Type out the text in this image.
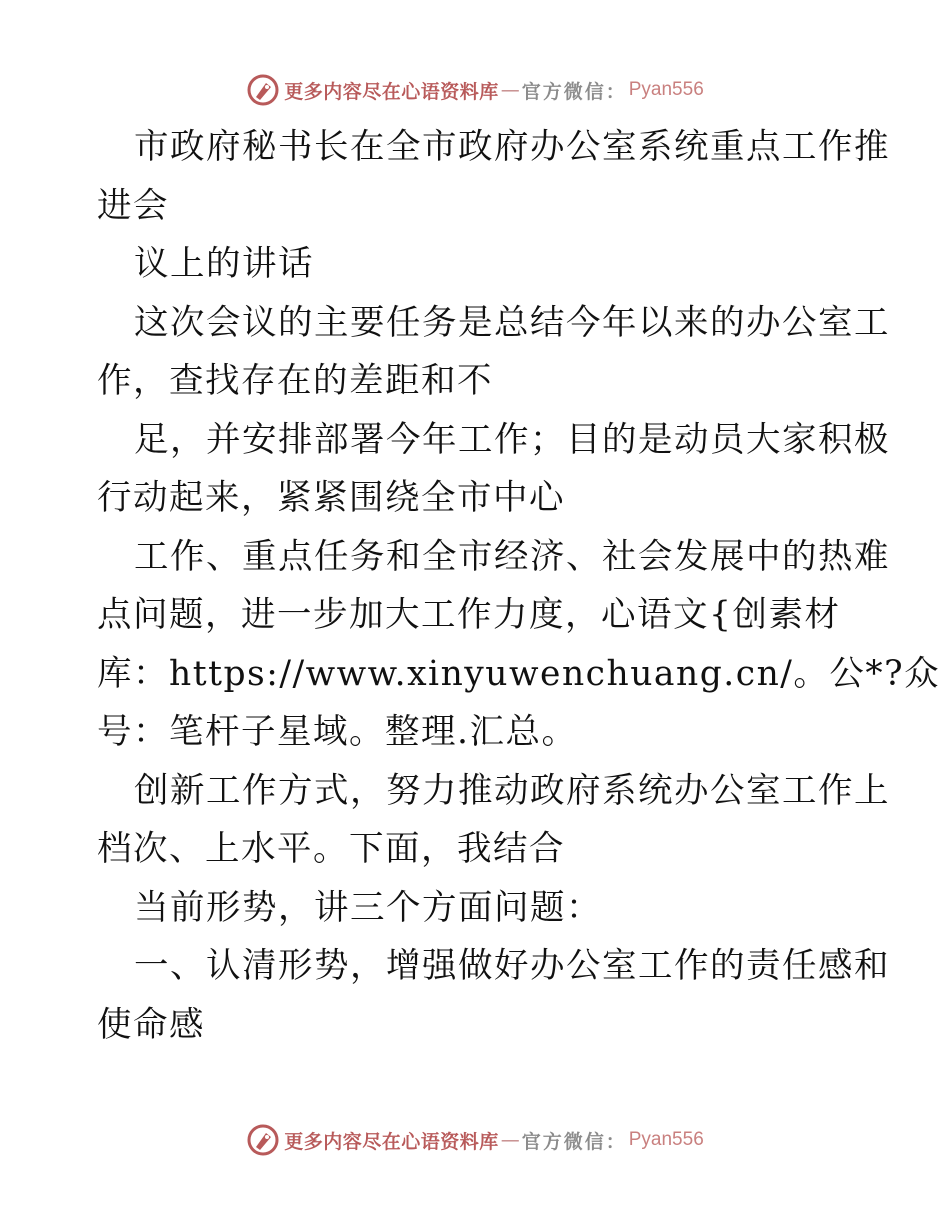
更多内容尽在心语资料库 — 官方微信： Pyan556

市政府秘书长在全市政府办公室系统重点工作推
进会

议上的讲话

这次会议的主要任务是总结今年以来的办公室工
作，查找存在的差距和不

足，并安排部署今年工作；目的是动员大家积极
行动起来，紧紧围绕全市中心

工作、重点任务和全市经济、社会发展中的热难
点问题，进一步加大工作力度，心语文{创素材
库：https://www.xinyuwenchuang.cn/。公*?众
号：笔杆子星域。整理.汇总。

创新工作方式，努力推动政府系统办公室工作上
档次、上水平。下面，我结合

当前形势，讲三个方面问题：

一、认清形势，增强做好办公室工作的责任感和
使命感

更多内容尽在心语资料库 — 官方微信： Pyan556
